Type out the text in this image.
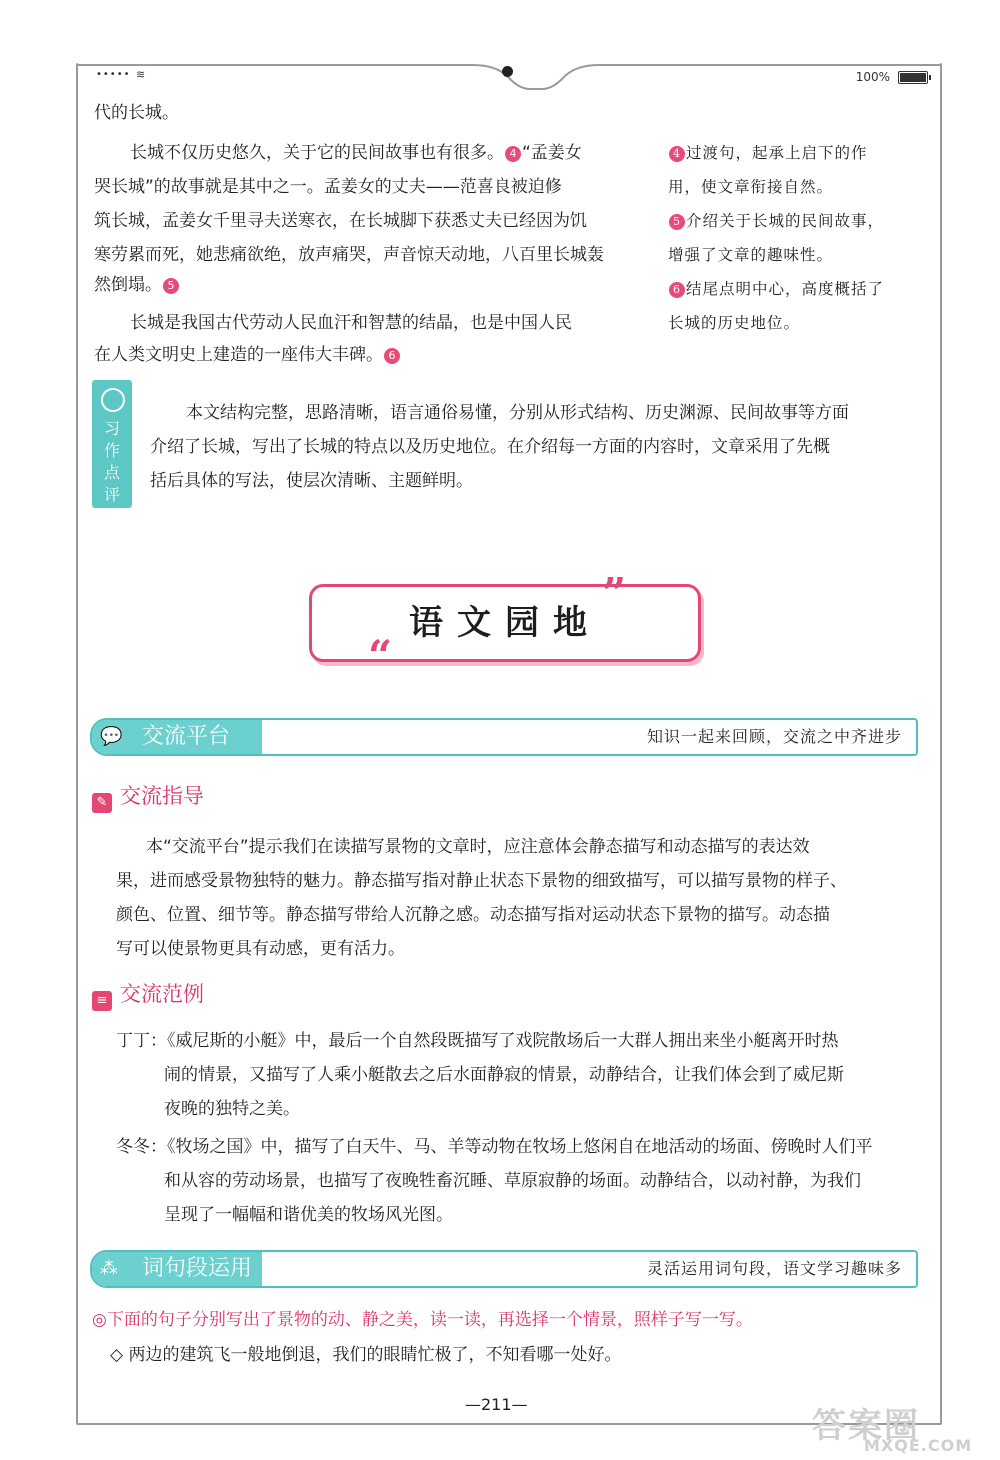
••••• ≋	100%
代的长城。
长城不仅历史悠久，关于它的民间故事也有很多。 4 “孟姜女
哭长城”的故事就是其中之一。孟姜女的丈夫——范喜良被迫修
筑长城，孟姜女千里寻夫送寒衣，在长城脚下获悉丈夫已经因为饥
寒劳累而死，她悲痛欲绝，放声痛哭，声音惊天动地，八百里长城轰
然倒塌。 5
长城是我国古代劳动人民血汗和智慧的结晶，也是中国人民
在人类文明史上建造的一座伟大丰碑。 6
4 过渡句，起承上启下的作
用，使文章衔接自然。
5 介绍关于长城的民间故事，
增强了文章的趣味性。
6 结尾点明中心，高度概括了
长城的历史地位。
习作点评
本文结构完整，思路清晰，语言通俗易懂，分别从形式结构、历史渊源、民间故事等方面
介绍了长城，写出了长城的特点以及历史地位。在介绍每一方面的内容时，文章采用了先概
括后具体的写法，使层次清晰、主题鲜明。
语文园地
”
“
💬 交流平台	知识一起来回顾，交流之中齐进步
✎ 交流指导
本“交流平台”提示我们在读描写景物的文章时，应注意体会静态描写和动态描写的表达效
果，进而感受景物独特的魅力。静态描写指对静止状态下景物的细致描写，可以描写景物的样子、
颜色、位置、细节等。静态描写带给人沉静之感。动态描写指对运动状态下景物的描写。动态描
写可以使景物更具有动感，更有活力。
≡ 交流范例
丁丁：《威尼斯的小艇》中，最后一个自然段既描写了戏院散场后一大群人拥出来坐小艇离开时热
闹的情景，又描写了人乘小艇散去之后水面静寂的情景，动静结合，让我们体会到了威尼斯
夜晚的独特之美。
冬冬：《牧场之国》中，描写了白天牛、马、羊等动物在牧场上悠闲自在地活动的场面、傍晚时人们平
和从容的劳动场景，也描写了夜晚牲畜沉睡、草原寂静的场面。动静结合，以动衬静，为我们
呈现了一幅幅和谐优美的牧场风光图。
⁂ 词句段运用	灵活运用词句段，语文学习趣味多
◎下面的句子分别写出了景物的动、静之美，读一读，再选择一个情景，照样子写一写。
◇ 两边的建筑飞一般地倒退，我们的眼睛忙极了，不知看哪一处好。
—211—
答案圈
MXQE.COM
